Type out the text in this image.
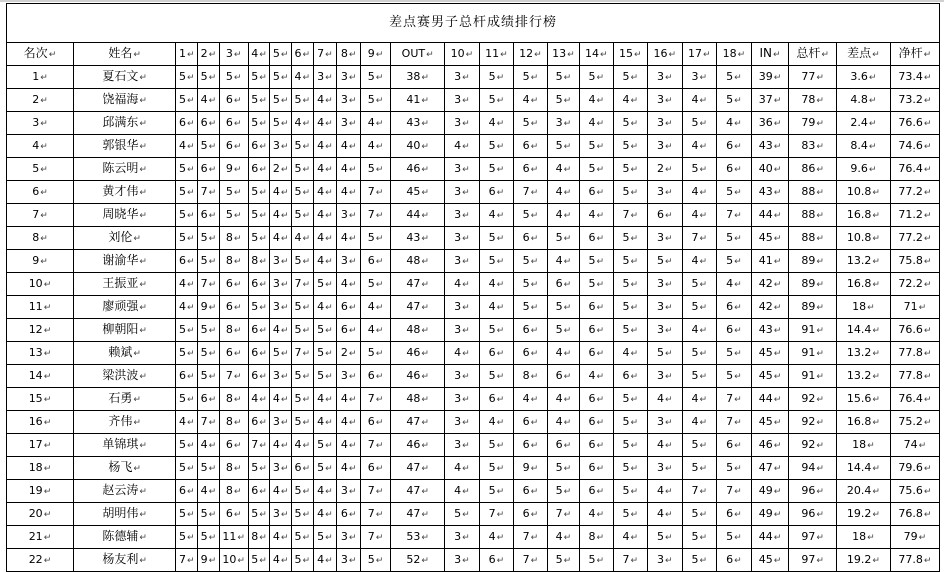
差点赛男子总杆成绩排行榜																								
名次↵	姓名↵	1↵	2↵	3↵	4↵	5↵	6↵	7↵	8↵	9↵	OUT↵	10↵	11↵	12↵	13↵	14↵	15↵	16↵	17↵	18↵	IN↵	总杆↵	差点↵	净杆↵
1↵	夏石文↵	5↵	5↵	5↵	5↵	5↵	4↵	3↵	3↵	5↵	38↵	3↵	5↵	5↵	5↵	5↵	5↵	3↵	3↵	5↵	39↵	77↵	3.6↵	73.4↵
2↵	饶福海↵	5↵	4↵	6↵	5↵	5↵	5↵	4↵	3↵	5↵	41↵	3↵	5↵	4↵	5↵	4↵	4↵	3↵	4↵	5↵	37↵	78↵	4.8↵	73.2↵
3↵	邱满东↵	6↵	6↵	6↵	5↵	5↵	4↵	4↵	3↵	4↵	43↵	3↵	4↵	5↵	3↵	4↵	5↵	3↵	5↵	4↵	36↵	79↵	2.4↵	76.6↵
4↵	郭银华↵	4↵	5↵	6↵	6↵	3↵	5↵	4↵	4↵	4↵	40↵	4↵	5↵	6↵	5↵	5↵	5↵	3↵	4↵	6↵	43↵	83↵	8.4↵	74.6↵
5↵	陈云明↵	5↵	6↵	9↵	6↵	2↵	5↵	4↵	4↵	5↵	46↵	3↵	5↵	6↵	4↵	5↵	5↵	2↵	5↵	6↵	40↵	86↵	9.6↵	76.4↵
6↵	黄才伟↵	5↵	7↵	5↵	5↵	4↵	5↵	4↵	4↵	7↵	45↵	3↵	6↵	7↵	4↵	6↵	5↵	3↵	4↵	5↵	43↵	88↵	10.8↵	77.2↵
7↵	周晓华↵	5↵	6↵	5↵	5↵	4↵	5↵	4↵	3↵	7↵	44↵	3↵	4↵	5↵	4↵	4↵	7↵	6↵	4↵	7↵	44↵	88↵	16.8↵	71.2↵
8↵	刘伦↵	5↵	5↵	8↵	5↵	4↵	4↵	4↵	4↵	5↵	43↵	3↵	5↵	6↵	5↵	6↵	5↵	3↵	7↵	5↵	45↵	88↵	10.8↵	77.2↵
9↵	谢渝华↵	6↵	5↵	8↵	8↵	3↵	5↵	4↵	3↵	6↵	48↵	3↵	5↵	5↵	4↵	5↵	5↵	5↵	4↵	5↵	41↵	89↵	13.2↵	75.8↵
10↵	王振亚↵	4↵	7↵	6↵	6↵	3↵	7↵	5↵	4↵	5↵	47↵	4↵	4↵	5↵	6↵	5↵	5↵	3↵	5↵	4↵	42↵	89↵	16.8↵	72.2↵
11↵	廖顽强↵	4↵	9↵	6↵	5↵	3↵	5↵	4↵	6↵	4↵	47↵	3↵	4↵	5↵	5↵	6↵	5↵	3↵	5↵	6↵	42↵	89↵	18↵	71↵
12↵	柳朝阳↵	5↵	5↵	8↵	6↵	4↵	5↵	5↵	6↵	4↵	48↵	3↵	5↵	6↵	5↵	6↵	5↵	3↵	4↵	6↵	43↵	91↵	14.4↵	76.6↵
13↵	赖斌↵	5↵	5↵	6↵	6↵	5↵	7↵	5↵	2↵	5↵	46↵	4↵	6↵	6↵	4↵	6↵	4↵	5↵	5↵	5↵	45↵	91↵	13.2↵	77.8↵
14↵	梁洪波↵	6↵	5↵	7↵	6↵	3↵	5↵	5↵	3↵	6↵	46↵	3↵	5↵	8↵	6↵	4↵	6↵	3↵	5↵	5↵	45↵	91↵	13.2↵	77.8↵
15↵	石勇↵	5↵	6↵	8↵	4↵	4↵	5↵	4↵	4↵	7↵	48↵	3↵	6↵	4↵	4↵	6↵	5↵	4↵	4↵	7↵	44↵	92↵	15.6↵	76.4↵
16↵	齐伟↵	4↵	7↵	8↵	6↵	3↵	5↵	4↵	4↵	6↵	47↵	3↵	4↵	6↵	4↵	6↵	5↵	3↵	4↵	7↵	45↵	92↵	16.8↵	75.2↵
17↵	单锦琪↵	5↵	4↵	6↵	7↵	4↵	4↵	5↵	4↵	7↵	46↵	3↵	5↵	6↵	6↵	6↵	5↵	4↵	5↵	6↵	46↵	92↵	18↵	74↵
18↵	杨飞↵	5↵	5↵	8↵	5↵	3↵	6↵	5↵	4↵	6↵	47↵	4↵	5↵	9↵	5↵	6↵	5↵	3↵	5↵	5↵	47↵	94↵	14.4↵	79.6↵
19↵	赵云涛↵	6↵	4↵	8↵	6↵	4↵	5↵	4↵	3↵	7↵	47↵	4↵	5↵	6↵	5↵	6↵	5↵	4↵	7↵	7↵	49↵	96↵	20.4↵	75.6↵
20↵	胡明伟↵	5↵	5↵	6↵	5↵	3↵	5↵	4↵	6↵	7↵	47↵	5↵	7↵	6↵	7↵	4↵	5↵	4↵	5↵	6↵	49↵	96↵	19.2↵	76.8↵
21↵	陈德辅↵	5↵	5↵	11↵	8↵	4↵	5↵	5↵	3↵	7↵	53↵	3↵	4↵	7↵	4↵	8↵	4↵	5↵	5↵	5↵	44↵	97↵	18↵	79↵
22↵	杨友利↵	7↵	9↵	10↵	5↵	4↵	5↵	4↵	3↵	5↵	52↵	3↵	6↵	7↵	5↵	5↵	7↵	3↵	5↵	6↵	45↵	97↵	19.2↵	77.8↵
